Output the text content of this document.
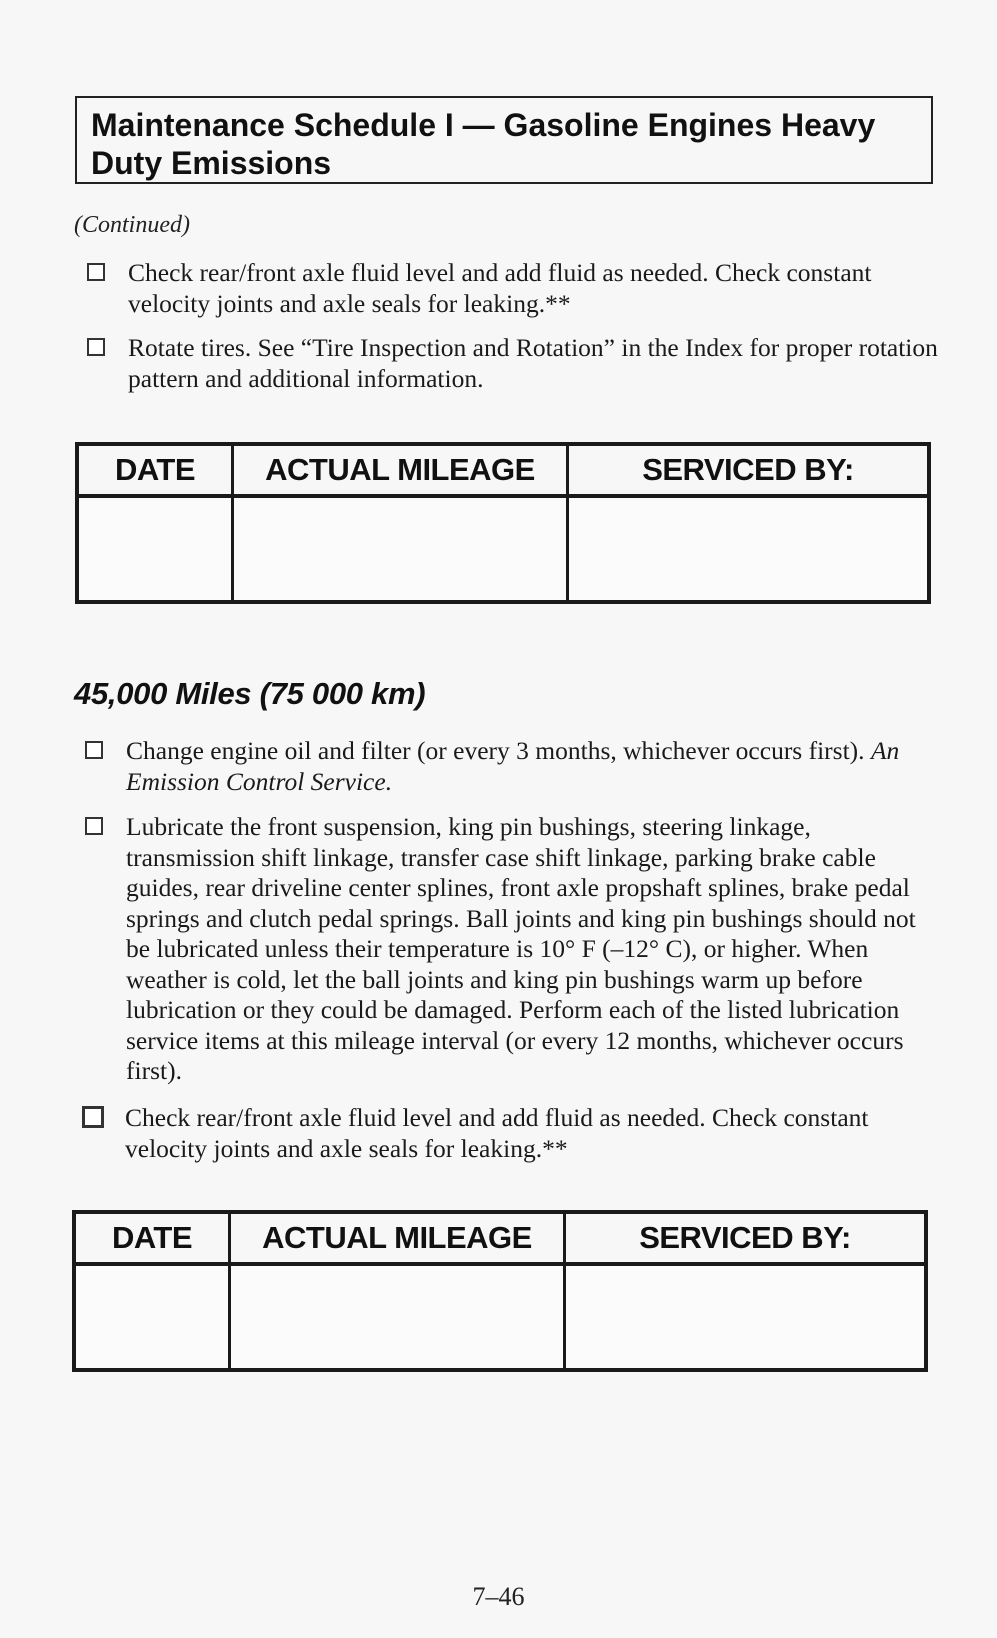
Maintenance Schedule I — Gasoline Engines Heavy Duty Emissions
(Continued)
Check rear/front axle fluid level and add fluid as needed. Check constant velocity joints and axle seals for leaking.**
Rotate tires. See “Tire Inspection and Rotation” in the Index for proper rotation pattern and additional information.
DATE	ACTUAL MILEAGE	SERVICED BY:

45,000 Miles (75 000 km)
Change engine oil and filter (or every 3 months, whichever occurs first). An Emission Control Service.
Lubricate the front suspension, king pin bushings, steering linkage, transmission shift linkage, transfer case shift linkage, parking brake cable guides, rear driveline center splines, front axle propshaft splines, brake pedal springs and clutch pedal springs. Ball joints and king pin bushings should not be lubricated unless their temperature is 10° F (–12° C), or higher. When weather is cold, let the ball joints and king pin bushings warm up before lubrication or they could be damaged. Perform each of the listed lubrication service items at this mileage interval (or every 12 months, whichever occurs first).
Check rear/front axle fluid level and add fluid as needed. Check constant velocity joints and axle seals for leaking.**
DATE	ACTUAL MILEAGE	SERVICED BY:

7–46
